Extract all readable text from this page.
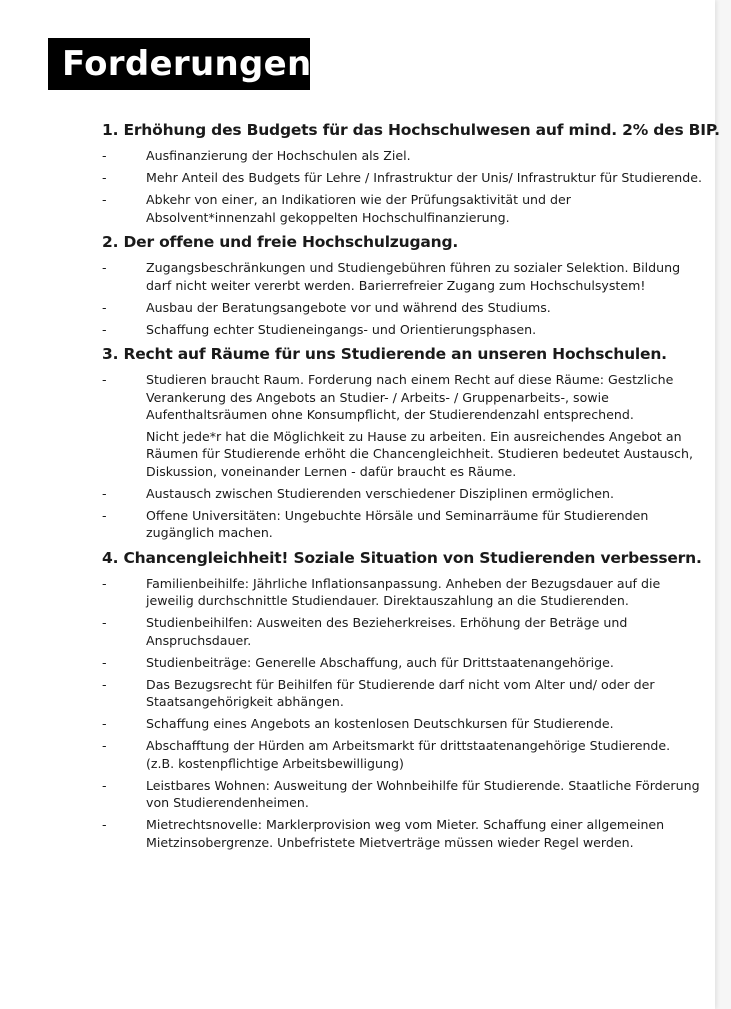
Forderungen
1. Erhöhung des Budgets für das Hochschulwesen auf mind. 2% des BIP.
-	Ausfinanzierung der Hochschulen als Ziel.

-	Mehr Anteil des Budgets für Lehre / Infrastruktur der Unis/ Infrastruktur für Studierende.

-	Abkehr von einer, an Indikatioren wie der Prüfungsaktivität und der Absolvent*innenzahl gekoppelten Hochschulfinanzierung.

2. Der offene und freie Hochschulzugang.
-	Zugangsbeschränkungen und Studiengebühren führen zu sozialer Selektion. Bildung darf nicht weiter vererbt werden. Barierrefreier Zugang zum Hochschulsystem!

-	Ausbau der Beratungsangebote vor und während des Studiums.

-	Schaffung echter Studieneingangs- und Orientierungsphasen.

3. Recht auf Räume für uns Studierende an unseren Hochschulen.
-	Studieren braucht Raum. Forderung nach einem Recht auf diese Räume: Gestzliche Verankerung des Angebots an Studier- / Arbeits- / Gruppenarbeits-, sowie Aufenthaltsräumen ohne Konsumpflicht, der Studierendenzahl entsprechend.

Nicht jede*r hat die Möglichkeit zu Hause zu arbeiten. Ein ausreichendes Angebot an Räumen für Studierende erhöht die Chancengleichheit. Studieren bedeutet Austausch, Diskussion, voneinander Lernen - dafür braucht es Räume.

-	Austausch zwischen Studierenden verschiedener Disziplinen ermöglichen.

-	Offene Universitäten: Ungebuchte Hörsäle und Seminarräume für Studierenden zugänglich machen.

4. Chancengleichheit! Soziale Situation von Studierenden verbessern.
-	Familienbeihilfe: Jährliche Inflationsanpassung. Anheben der Bezugsdauer auf die jeweilig durchschnittle Studiendauer. Direktauszahlung an die Studierenden.

-	Studienbeihilfen: Ausweiten des Bezieherkreises. Erhöhung der Beträge und Anspruchsdauer.

-	Studienbeiträge: Generelle Abschaffung, auch für Drittstaatenangehörige.

-	Das Bezugsrecht für Beihilfen für Studierende darf nicht vom Alter und/ oder der Staatsangehörigkeit abhängen.

-	Schaffung eines Angebots an kostenlosen Deutschkursen für Studierende.

-	Abschafftung der Hürden am Arbeitsmarkt für drittstaatenangehörige Studierende. (z.B. kostenpflichtige Arbeitsbewilligung)

-	Leistbares Wohnen: Ausweitung der Wohnbeihilfe für Studierende. Staatliche Förderung von Studierendenheimen.

-	Mietrechtsnovelle: Marklerprovision weg vom Mieter. Schaffung einer allgemeinen Mietzinsobergrenze. Unbefristete Mietverträge müssen wieder Regel werden.
